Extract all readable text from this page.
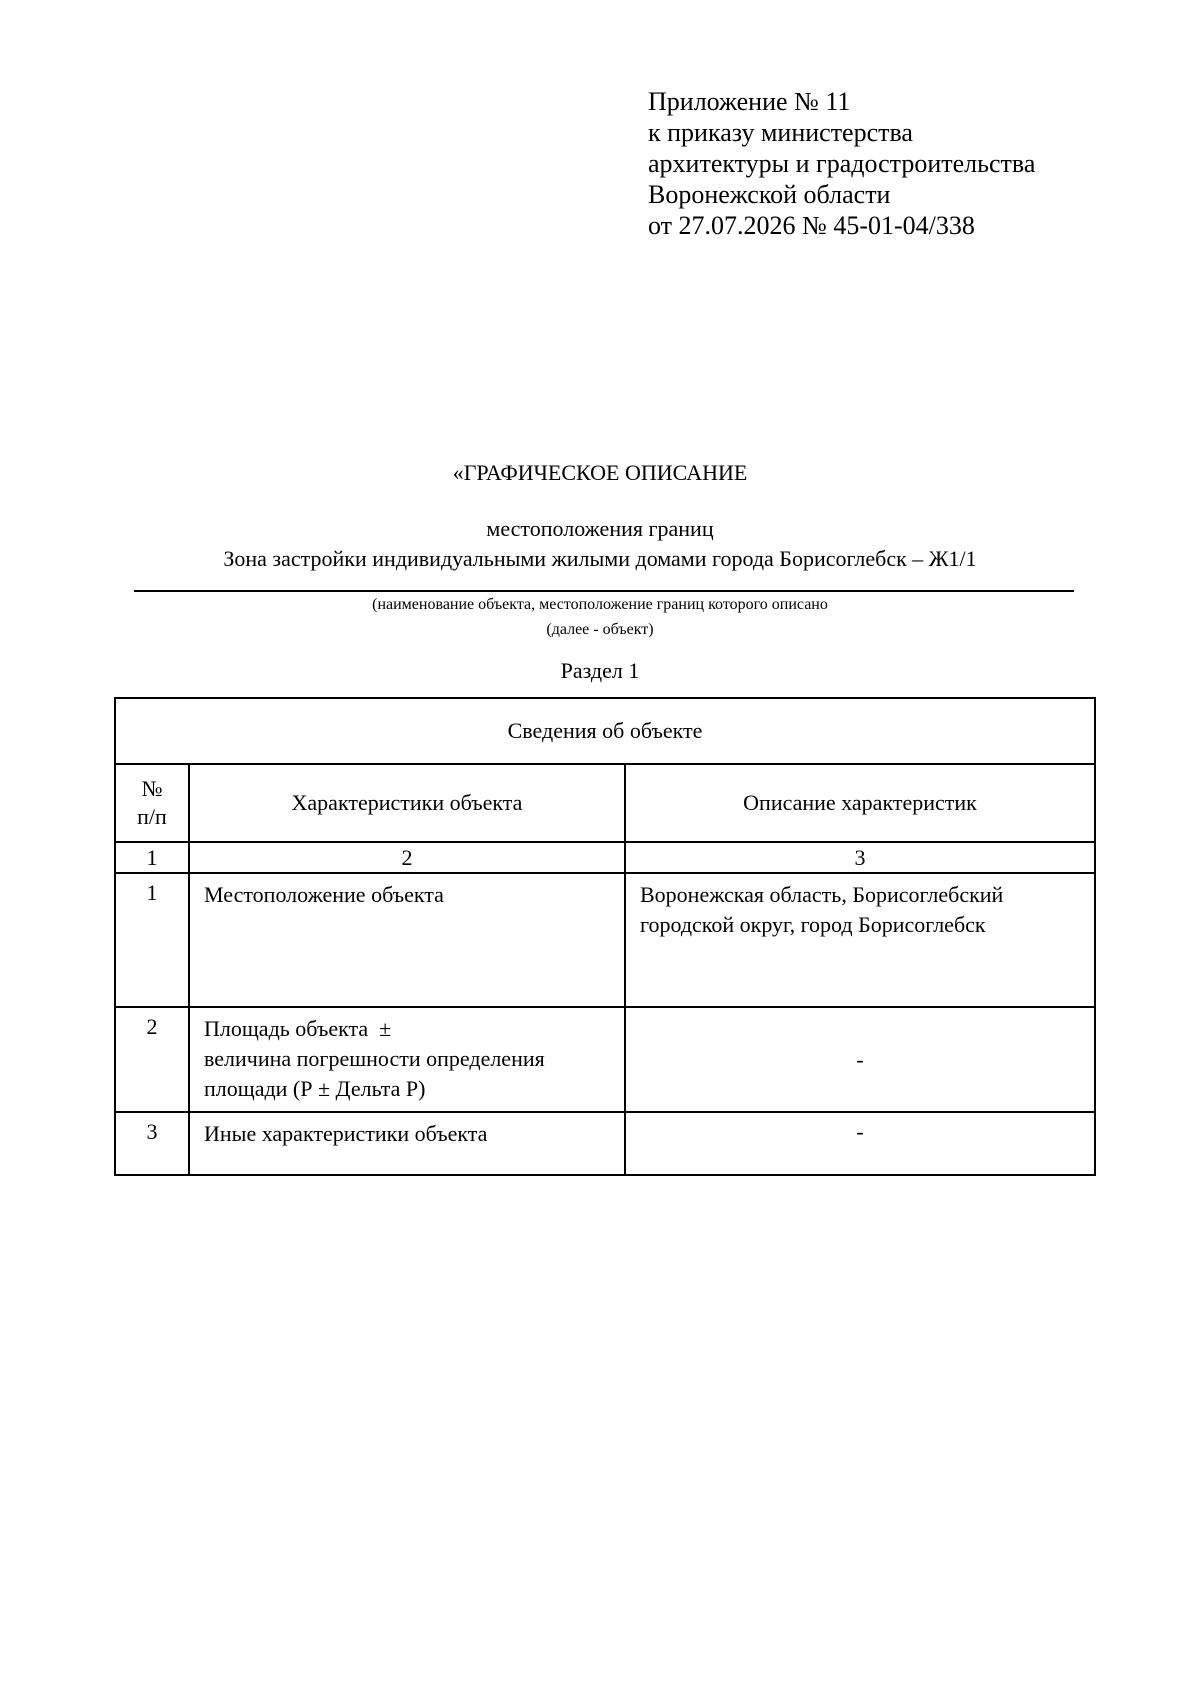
Приложение № 11
к приказу министерства
архитектуры и градостроительства
Воронежской области
от 27.07.2026 № 45-01-04/338
«ГРАФИЧЕСКОЕ ОПИСАНИЕ
местоположения границ
Зона застройки индивидуальными жилыми домами города Борисоглебск – Ж1/1
(наименование объекта, местоположение границ которого описано
(далее - объект)
Раздел 1
Сведения об объекте		

№
п/п	Характеристики объекта	Описание характеристик
1	2	3
1	Местоположение объекта	Воронежская область, Борисоглебский
городской округ, город Борисоглебск

2	Площадь объекта  ±
величина погрешности определения
площади (Р ± Дельта Р)	-
3	Иные характеристики объекта	-
